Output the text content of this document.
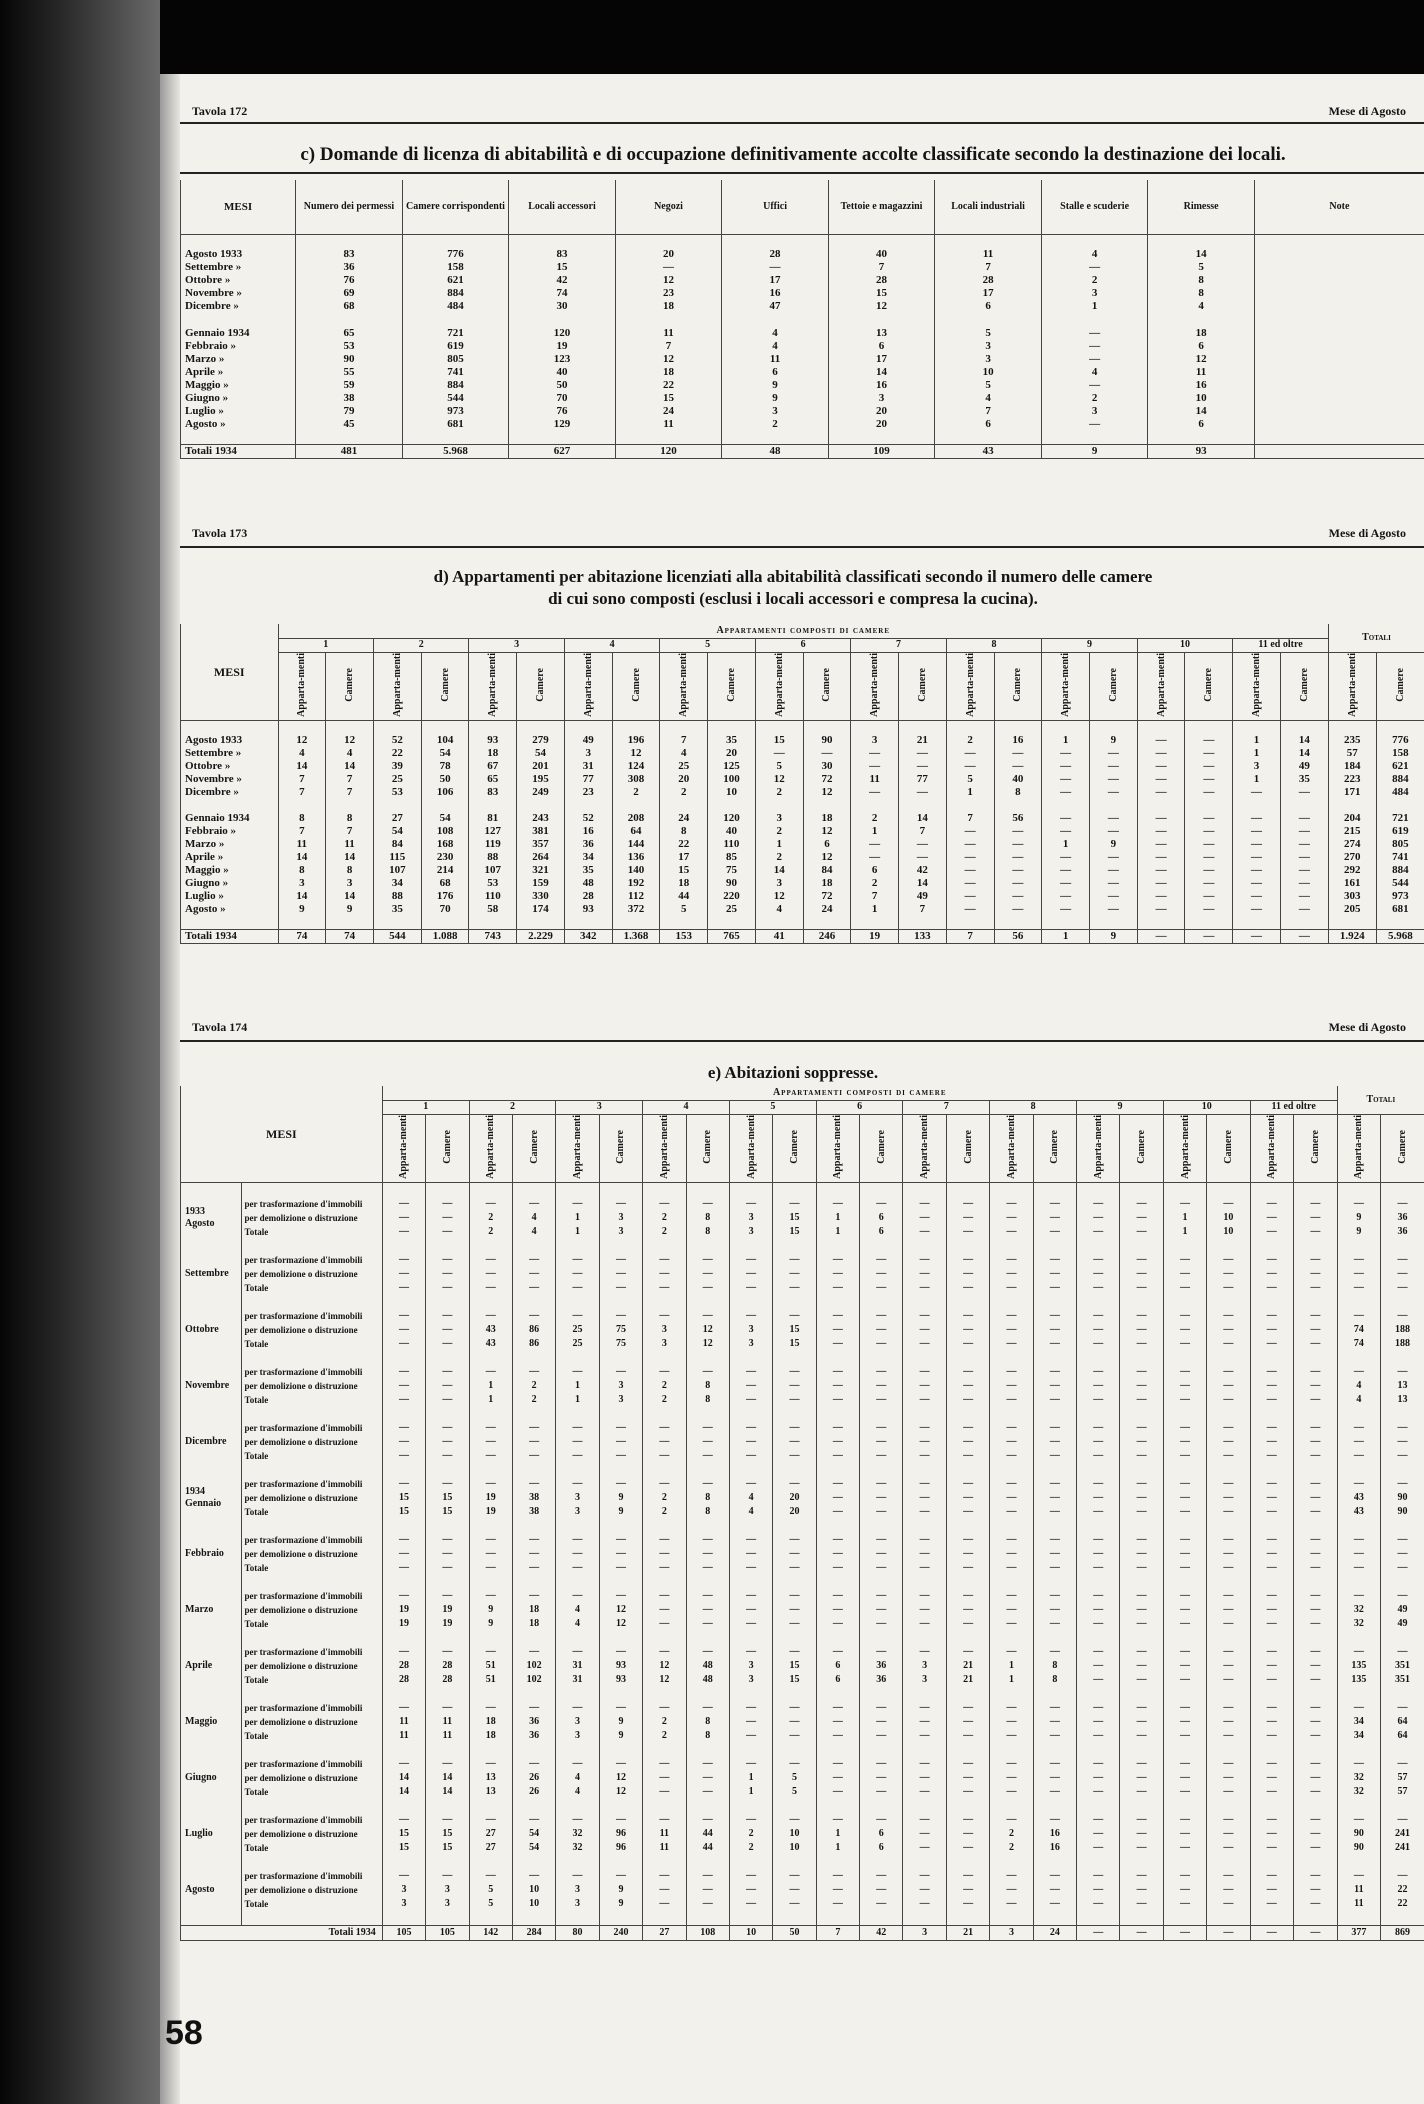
58
Tavola 172	Mese di Agosto
c) Domande di licenza di abitabilità e di occupazione definitivamente accolte classificate secondo la destinazione dei locali.
MESI	Numero dei permessi	Camere corrispondenti	Locali accessori	Negozi	Uffici	Tettoie e magazzini	Locali industriali	Stalle e scuderie	Rimesse	Note

Agosto 1933	83	776	83	20	28	40	11	4	14	
Settembre »	36	158	15	—	—	7	7	—	5	
Ottobre »	76	621	42	12	17	28	28	2	8	
Novembre »	69	884	74	23	16	15	17	3	8	
Dicembre »	68	484	30	18	47	12	6	1	4	

Gennaio 1934	65	721	120	11	4	13	5	—	18	
Febbraio »	53	619	19	7	4	6	3	—	6	
Marzo »	90	805	123	12	11	17	3	—	12	
Aprile »	55	741	40	18	6	14	10	4	11	
Maggio »	59	884	50	22	9	16	5	—	16	
Giugno »	38	544	70	15	9	3	4	2	10	
Luglio »	79	973	76	24	3	20	7	3	14	
Agosto »	45	681	129	11	2	20	6	—	6	

Totali 1934	481	5.968	627	120	48	109	43	9	93	
Tavola 173	Mese di Agosto
d) Appartamenti per abitazione licenziati alla abitabilità classificati secondo il numero delle camere
di cui sono composti (esclusi i locali accessori e compresa la cucina).
MESI	Appartamenti composti di camere																						Totali	
	1		2		3		4		5		6		7		8		9		10		11 ed oltre			
	Apparta-menti	Camere	Apparta-menti	Camere	Apparta-menti	Camere	Apparta-menti	Camere	Apparta-menti	Camere	Apparta-menti	Camere	Apparta-menti	Camere	Apparta-menti	Camere	Apparta-menti	Camere	Apparta-menti	Camere	Apparta-menti	Camere	Apparta-menti	Camere

Agosto 1933	12	12	52	104	93	279	49	196	7	35	15	90	3	21	2	16	1	9	—	—	1	14	235	776
Settembre »	4	4	22	54	18	54	3	12	4	20	—	—	—	—	—	—	—	—	—	—	1	14	57	158
Ottobre »	14	14	39	78	67	201	31	124	25	125	5	30	—	—	—	—	—	—	—	—	3	49	184	621
Novembre »	7	7	25	50	65	195	77	308	20	100	12	72	11	77	5	40	—	—	—	—	1	35	223	884
Dicembre »	7	7	53	106	83	249	23	2	2	10	2	12	—	—	1	8	—	—	—	—	—	—	171	484

Gennaio 1934	8	8	27	54	81	243	52	208	24	120	3	18	2	14	7	56	—	—	—	—	—	—	204	721
Febbraio »	7	7	54	108	127	381	16	64	8	40	2	12	1	7	—	—	—	—	—	—	—	—	215	619
Marzo »	11	11	84	168	119	357	36	144	22	110	1	6	—	—	—	—	1	9	—	—	—	—	274	805
Aprile »	14	14	115	230	88	264	34	136	17	85	2	12	—	—	—	—	—	—	—	—	—	—	270	741
Maggio »	8	8	107	214	107	321	35	140	15	75	14	84	6	42	—	—	—	—	—	—	—	—	292	884
Giugno »	3	3	34	68	53	159	48	192	18	90	3	18	2	14	—	—	—	—	—	—	—	—	161	544
Luglio »	14	14	88	176	110	330	28	112	44	220	12	72	7	49	—	—	—	—	—	—	—	—	303	973
Agosto »	9	9	35	70	58	174	93	372	5	25	4	24	1	7	—	—	—	—	—	—	—	—	205	681

Totali 1934	74	74	544	1.088	743	2.229	342	1.368	153	765	41	246	19	133	7	56	1	9	—	—	—	—	1.924	5.968
Tavola 174	Mese di Agosto
e) Abitazioni soppresse.
MESI		Appartamenti composti di camere																						Totali	
		1		2		3		4		5		6		7		8		9		10		11 ed oltre			
		Apparta-menti	Camere	Apparta-menti	Camere	Apparta-menti	Camere	Apparta-menti	Camere	Apparta-menti	Camere	Apparta-menti	Camere	Apparta-menti	Camere	Apparta-menti	Camere	Apparta-menti	Camere	Apparta-menti	Camere	Apparta-menti	Camere	Apparta-menti	Camere

1933
Agosto	per trasformazione d'immobili	—	—	—	—	—	—	—	—	—	—	—	—	—	—	—	—	—	—	—	—	—	—	—	—
	per demolizione o distruzione	—	—	2	4	1	3	2	8	3	15	1	6	—	—	—	—	—	—	1	10	—	—	9	36
	Totale	—	—	2	4	1	3	2	8	3	15	1	6	—	—	—	—	—	—	1	10	—	—	9	36

Settembre	per trasformazione d'immobili	—	—	—	—	—	—	—	—	—	—	—	—	—	—	—	—	—	—	—	—	—	—	—	—
	per demolizione o distruzione	—	—	—	—	—	—	—	—	—	—	—	—	—	—	—	—	—	—	—	—	—	—	—	—
	Totale	—	—	—	—	—	—	—	—	—	—	—	—	—	—	—	—	—	—	—	—	—	—	—	—

Ottobre	per trasformazione d'immobili	—	—	—	—	—	—	—	—	—	—	—	—	—	—	—	—	—	—	—	—	—	—	—	—
	per demolizione o distruzione	—	—	43	86	25	75	3	12	3	15	—	—	—	—	—	—	—	—	—	—	—	—	74	188
	Totale	—	—	43	86	25	75	3	12	3	15	—	—	—	—	—	—	—	—	—	—	—	—	74	188

Novembre	per trasformazione d'immobili	—	—	—	—	—	—	—	—	—	—	—	—	—	—	—	—	—	—	—	—	—	—	—	—
	per demolizione o distruzione	—	—	1	2	1	3	2	8	—	—	—	—	—	—	—	—	—	—	—	—	—	—	4	13
	Totale	—	—	1	2	1	3	2	8	—	—	—	—	—	—	—	—	—	—	—	—	—	—	4	13

Dicembre	per trasformazione d'immobili	—	—	—	—	—	—	—	—	—	—	—	—	—	—	—	—	—	—	—	—	—	—	—	—
	per demolizione o distruzione	—	—	—	—	—	—	—	—	—	—	—	—	—	—	—	—	—	—	—	—	—	—	—	—
	Totale	—	—	—	—	—	—	—	—	—	—	—	—	—	—	—	—	—	—	—	—	—	—	—	—

1934
Gennaio	per trasformazione d'immobili	—	—	—	—	—	—	—	—	—	—	—	—	—	—	—	—	—	—	—	—	—	—	—	—
	per demolizione o distruzione	15	15	19	38	3	9	2	8	4	20	—	—	—	—	—	—	—	—	—	—	—	—	43	90
	Totale	15	15	19	38	3	9	2	8	4	20	—	—	—	—	—	—	—	—	—	—	—	—	43	90

Febbraio	per trasformazione d'immobili	—	—	—	—	—	—	—	—	—	—	—	—	—	—	—	—	—	—	—	—	—	—	—	—
	per demolizione o distruzione	—	—	—	—	—	—	—	—	—	—	—	—	—	—	—	—	—	—	—	—	—	—	—	—
	Totale	—	—	—	—	—	—	—	—	—	—	—	—	—	—	—	—	—	—	—	—	—	—	—	—

Marzo	per trasformazione d'immobili	—	—	—	—	—	—	—	—	—	—	—	—	—	—	—	—	—	—	—	—	—	—	—	—
	per demolizione o distruzione	19	19	9	18	4	12	—	—	—	—	—	—	—	—	—	—	—	—	—	—	—	—	32	49
	Totale	19	19	9	18	4	12	—	—	—	—	—	—	—	—	—	—	—	—	—	—	—	—	32	49

Aprile	per trasformazione d'immobili	—	—	—	—	—	—	—	—	—	—	—	—	—	—	—	—	—	—	—	—	—	—	—	—
	per demolizione o distruzione	28	28	51	102	31	93	12	48	3	15	6	36	3	21	1	8	—	—	—	—	—	—	135	351
	Totale	28	28	51	102	31	93	12	48	3	15	6	36	3	21	1	8	—	—	—	—	—	—	135	351

Maggio	per trasformazione d'immobili	—	—	—	—	—	—	—	—	—	—	—	—	—	—	—	—	—	—	—	—	—	—	—	—
	per demolizione o distruzione	11	11	18	36	3	9	2	8	—	—	—	—	—	—	—	—	—	—	—	—	—	—	34	64
	Totale	11	11	18	36	3	9	2	8	—	—	—	—	—	—	—	—	—	—	—	—	—	—	34	64

Giugno	per trasformazione d'immobili	—	—	—	—	—	—	—	—	—	—	—	—	—	—	—	—	—	—	—	—	—	—	—	—
	per demolizione o distruzione	14	14	13	26	4	12	—	—	1	5	—	—	—	—	—	—	—	—	—	—	—	—	32	57
	Totale	14	14	13	26	4	12	—	—	1	5	—	—	—	—	—	—	—	—	—	—	—	—	32	57

Luglio	per trasformazione d'immobili	—	—	—	—	—	—	—	—	—	—	—	—	—	—	—	—	—	—	—	—	—	—	—	—
	per demolizione o distruzione	15	15	27	54	32	96	11	44	2	10	1	6	—	—	2	16	—	—	—	—	—	—	90	241
	Totale	15	15	27	54	32	96	11	44	2	10	1	6	—	—	2	16	—	—	—	—	—	—	90	241

Agosto	per trasformazione d'immobili	—	—	—	—	—	—	—	—	—	—	—	—	—	—	—	—	—	—	—	—	—	—	—	—
	per demolizione o distruzione	3	3	5	10	3	9	—	—	—	—	—	—	—	—	—	—	—	—	—	—	—	—	11	22
	Totale	3	3	5	10	3	9	—	—	—	—	—	—	—	—	—	—	—	—	—	—	—	—	11	22

Totali 1934		105	105	142	284	80	240	27	108	10	50	7	42	3	21	3	24	—	—	—	—	—	—	377	869
